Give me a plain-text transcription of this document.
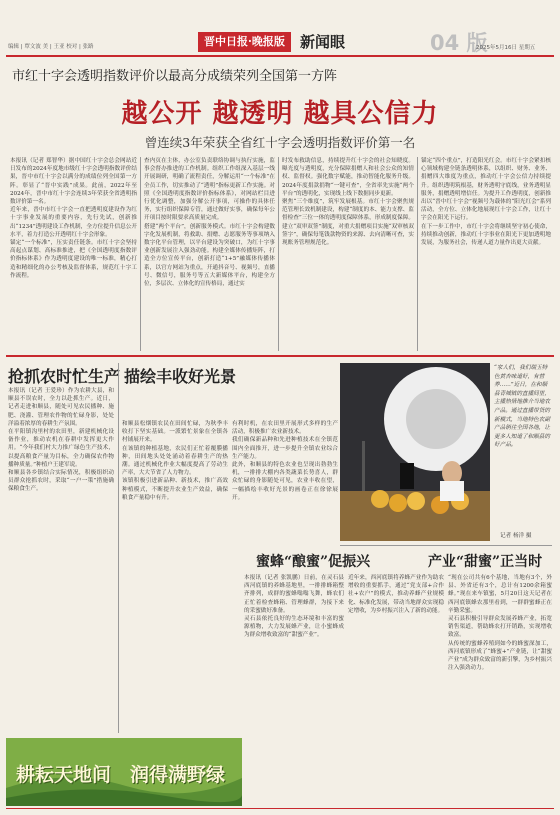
编辑 | 覃文波 美 | 王亚 校对 | 张路	晋中日报·晚报版	新闻眼	04 版
2025年5月16日 星期五
市红十字会透明指数评价以最高分成绩荣列全国第一方阵
越公开 越透明 越具公信力
曾连续3年荣获全省红十字会透明指数评价第一名
本报讯（记者 郑智华）据中国红十字会总会网站近日发布的2024年度地市级红十字会透明指数评价结果，晋中市红十字会以满分的成绩位列全国第一方阵。彰显了“晋中实践”成果。此前，2022年至2024年，晋中市红十字会连续3年荣获全省透明指数评价第一名。
近年来，晋中市红十字会一直把透明度建设作为红十字事业发展的重要内容，先行先试，创新推出“1234”透明建设工作机制，全方位提升信息公开水平，着力打造公开透明红十字会形象。
锚定“一个标准”，压实责任链条。市红十字会坚持高起点谋划、高标准推进，把《全国透明度指数评价指标体系》作为透明度建设的唯一标准，精心打造和精细化的办公考核及监督体系，规范红十字工作流程。
查内页在主体，办公室负责联络协调与执行实施，监事会督办推进的工作机制。组织工作组深入基层一线开展调研，明确了流程责任，分解运用“一个标准”在全员工作，切实推动了“透明”指标更新工作实施。对照《全国透明度指数评价指标体系》，对网站栏目进行优化调整，加强分解公开事项，可操作的具体任务，实行组织保障专管，通过做好实事，确保每年公开项目按时限要求高质量完成。
搭建“两个平台”，创新服务模式。市红十字会构建数字化发展机制，将救助、捐赠、志愿服务等事项纳入数字化平台管理，以平台建设为突破口，为红十字事业创新发展注入强劲动能。构建全媒体传播矩阵，打造全方位宣传平台，创新打造“1+5”融媒体传播体系，以官方网站为重点，开通抖音号、视频号，直播号、微信号，服务号等五大新媒体平台，构建全方位，多层次、立体化的宣传格局，通过实
时发布救助信息，持续提升红十字会的社会知晓度。曝光度与透明度，充分保障捐赠人和社会公众的知情权、监督权。强化数字赋能，推动智能化服务升级。2024年度捐款捐物“一键可查”，全省率先实施“两个平台”的透明化，实现线上线下数据同步更新。
聚焦“三个维度”，筑牢发展根基。市红十字会聚焦规范管理长效机制建设，构建“制度的本、能力支撑、监督检查”三位一体的透明度保障体系，形成制度保障。建立“双审双签”制度，对重大捐赠项目实施“双审核双签字”，确保每笔钱款物资的来源、去向清晰可查，实现账务管理规范化。
锚定“四个重点”，打造阳光红会。市红十字会紧扣核心领域构建全链条透明体系，以组织、财务、业务、捐赠四大维度为重点，推动红十字会公信力持续提升。组织透明筑根基，财务透明守底线，业务透明显服务，捐赠透明增信任。为提升工作透明度，创新推出以“晋中红十字会”视频号为载体的“阳光红会”系列活动，全方位、立体化地展现红十字会工作，让红十字会在阳光下运行。
在下一步工作中，市红十字会将继续坚守初心使命，持续推动创新，推动红十字事业在阳光下更加透明地发展，为服务社会，传递人道力量作出更大贡献。
抢抓农时忙生产
本报讯（记者 王爱珍）作为农耕大县，和顺县不误农时，全力以赴抓生产。近日，记者走进和顺县，随处可见农民播种、施肥、浇灌、管理农作物的忙碌身影，处处洋溢着浓厚的春耕生产氛围。
在平阳镇沟里村的农田里，新建机械化设备作业，推动农机在春耕中发挥更大作用。“今年我们村大力推广绿色生产技术，以提高粮食产量为目标，全力确保农作物播种质量。”种植户王建军说。
和顺县各乡镇结合实际情况，积极组织动员群众抢抓农时，采取“一户一策”措施确保粮食生产。
描绘丰收好光景
和顺县松烟镇农民在田间忙碌，为秋季丰收打下坚实基础。一派繁忙景象在全镇各村铺展开来。
在该镇的种植基地，农民们正忙着覆膜播种，田间地头处处涌动着春耕生产的热潮。通过机械化作业大幅度提高了劳动生产率，大大节省了人力物力。
该镇积极引进新品种、新技术，推广高效种植模式，不断提升农业生产效益，确保粮食产量稳中有升。
有利时机，在农田里开展形式多样的生产活动，积极推广农业新技术。
我们确保新品种和先进种植技术在全镇范围内全面推开，进一步提升全镇农业综合生产能力。
此外，和顺县的特色农业也呈现出勃勃生机，一排排大棚内各类蔬菜长势喜人，群众忙碌的身影随处可见，农业丰收在望，一幅描绘丰收好光景的画卷正在徐徐展开。
“家人们，我们瑞玉特色黄杏味道好，有营养……”近日，在和顺县青城镇的直播间里，主播热情地推介当地农产品。通过直播带货的新模式，当地特色农副产品销往全国各地，让更多人知道了和顺县的好产品。
记者 杨洋 摄
蜜蜂“酿蜜”促振兴
本报讯（记者 张凯鹏）日前，在灵石县西河底镇的养蜂基地里，一排排蜂箱整齐排列，成群的蜜蜂嗡嗡飞舞，蜂农们正忙着检查蜂箱、管理蜂群，为接下来的采蜜做好准备。
灵石县依托良好的生态环境和丰富的蜜源植物，大力发展蜂产业，让小蜜蜂成为群众增收致富的“甜蜜产业”。
近年来，西河底镇将养蜂产业作为助农增收的重要抓手，通过“党支部+合作社+农户”的模式，推动养蜂产业规模化、标准化发展，带动当地群众实现稳定增收，为乡村振兴注入了新的动能。
产业“甜蜜”正当时
“现在公司共有6个基地，当地有3个，外县、外省还有3个，总计有1200余箱蜜蜂。”现在来车镇蜜，5月20日这天记者在西河底镇蜂农那里看到，一群群蜜蜂正在辛勤采蜜。
灵石县积极引导群众发展养蜂产业，拓宽销售渠道，帮助蜂农打开销路，实现增收致富。
从传统的蜜蜂养殖到如今的蜂蜜深加工，西河底镇形成了“蜂蜜+”产业链，让“甜蜜产业”成为群众致富的新引擎，为乡村振兴注入强劲动力。
耕耘天地间 润得满野绿
